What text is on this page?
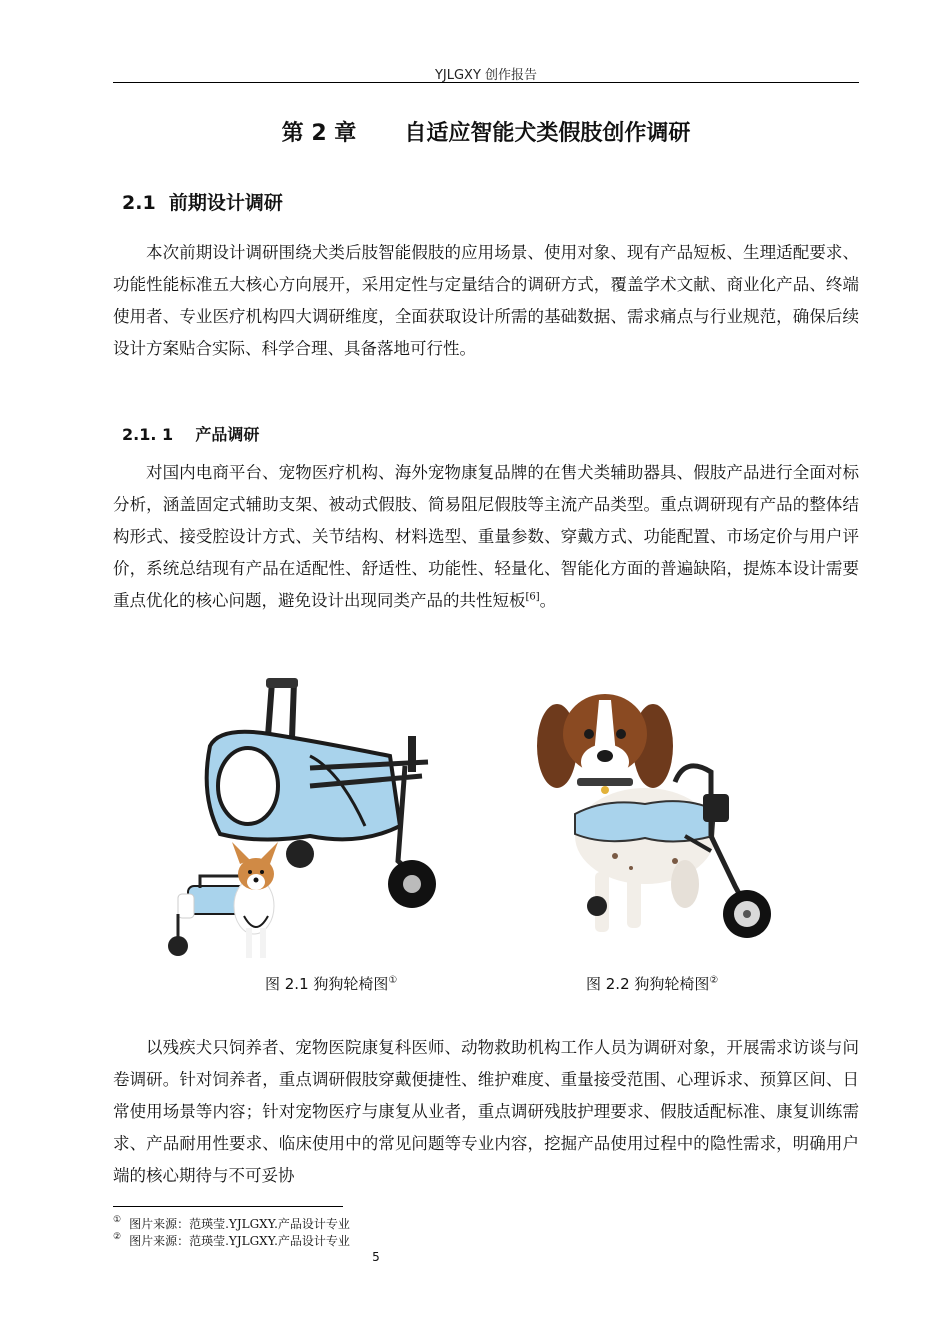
YJLGXY 创作报告
第 2 章 自适应智能犬类假肢创作调研
2.1 前期设计调研

本次前期设计调研围绕犬类后肢智能假肢的应用场景、使用对象、现有产品短板、生理适配要求、功能性能标准五大核心方向展开，采用定性与定量结合的调研方式，覆盖学术文献、商业化产品、终端使用者、专业医疗机构四大调研维度，全面获取设计所需的基础数据、需求痛点与行业规范，确保后续设计方案贴合实际、科学合理、具备落地可行性。

2.1. 1 产品调研

对国内电商平台、宠物医疗机构、海外宠物康复品牌的在售犬类辅助器具、假肢产品进行全面对标分析，涵盖固定式辅助支架、被动式假肢、简易阻尼假肢等主流产品类型。重点调研现有产品的整体结构形式、接受腔设计方式、关节结构、材料选型、重量参数、穿戴方式、功能配置、市场定价与用户评价，系统总结现有产品在适配性、舒适性、功能性、轻量化、智能化方面的普遍缺陷，提炼本设计需要重点优化的核心问题，避免设计出现同类产品的共性短板[6]。

图 2.1 狗狗轮椅图①	图 2.2 狗狗轮椅图②

以残疾犬只饲养者、宠物医院康复科医师、动物救助机构工作人员为调研对象，开展需求访谈与问卷调研。针对饲养者，重点调研假肢穿戴便捷性、维护难度、重量接受范围、心理诉求、预算区间、日常使用场景等内容；针对宠物医疗与康复从业者，重点调研残肢护理要求、假肢适配标准、康复训练需求、产品耐用性要求、临床使用中的常见问题等专业内容，挖掘产品使用过程中的隐性需求，明确用户端的核心期待与不可妥协

① 图片来源：范瑛莹.YJLGXY.产品设计专业
② 图片来源：范瑛莹.YJLGXY.产品设计专业
5
